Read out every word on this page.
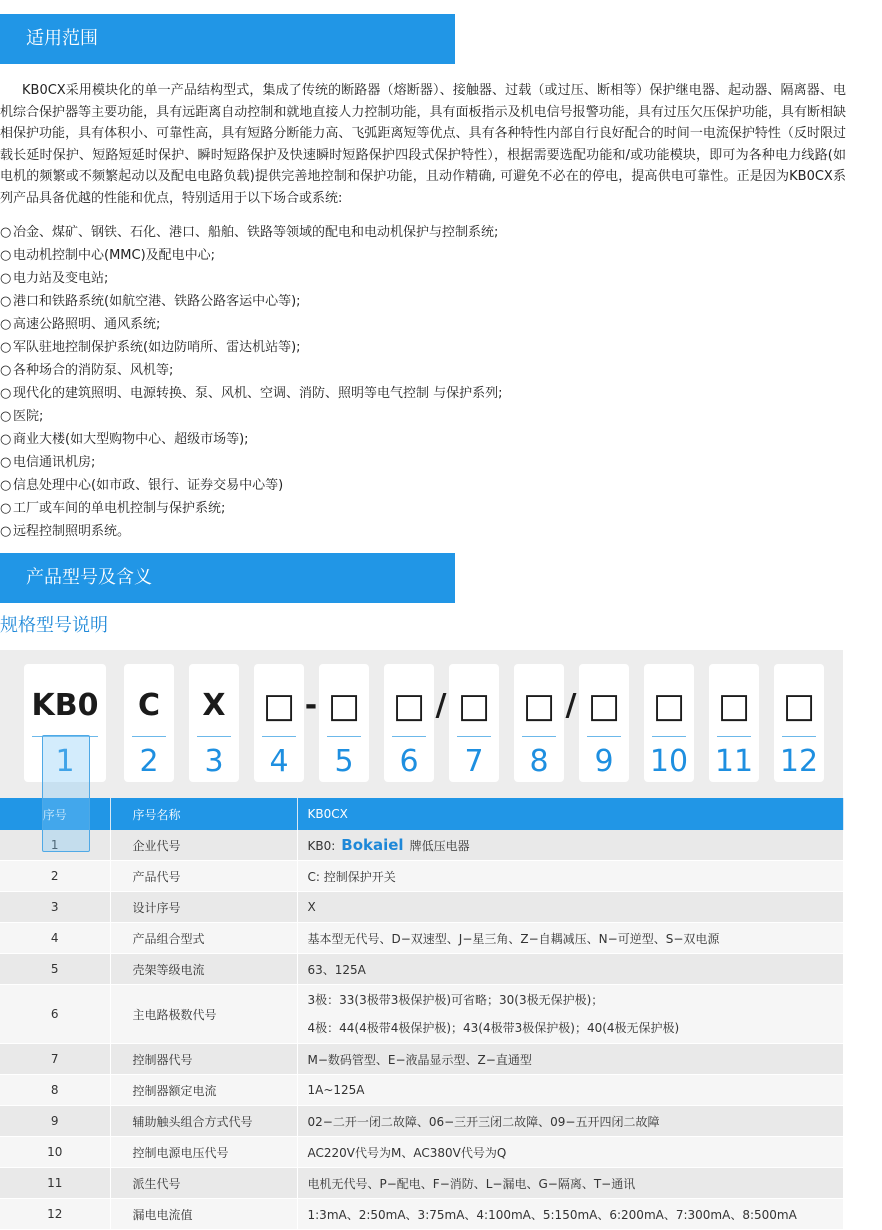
适用范围

KB0CX采用模块化的单一产品结构型式，集成了传统的断路器（熔断器）、接触器、过载（或过压、断相等）保护继电器、起动器、隔离器、电机综合保护器等主要功能，具有远距离自动控制和就地直接人力控制功能，具有面板指示及机电信号报警功能，具有过压欠压保护功能，具有断相缺相保护功能，具有体积小、可靠性高，具有短路分断能力高、飞弧距离短等优点、具有各种特性内部自行良好配合的时间一电流保护特性（反时限过载长延时保护、短路短延时保护、瞬时短路保护及快速瞬时短路保护四段式保护特性），根据需要选配功能和/或功能模块，即可为各种电力线路(如电机的频繁或不频繁起动以及配电电路负载)提供完善地控制和保护功能，且动作精确, 可避免不必在的停电，提高供电可靠性。正是因为KB0CX系列产品具备优越的性能和优点，特别适用于以下场合或系统:

○ 冶金、煤矿、钢铁、石化、港口、船舶、铁路等领域的配电和电动机保护与控制系统;
○ 电动机控制中心(MMC)及配电中心;
○ 电力站及变电站;
○ 港口和铁路系统(如航空港、铁路公路客运中心等);
○ 高速公路照明、通风系统;
○ 军队驻地控制保护系统(如边防哨所、雷达机站等);
○ 各种场合的消防泵、风机等;
○ 现代化的建筑照明、电源转换、泵、风机、空调、消防、照明等电气控制 与保护系列;
○ 医院;
○ 商业大楼(如大型购物中心、超级市场等);
○ 电信通讯机房;
○ 信息处理中心(如市政、银行、证券交易中心等)
○ 工厂或车间的单电机控制与保护系统;
○ 远程控制照明系统。
产品型号及含义
规格型号说明
KB0
1
C
2
X
3
□
4
- □
5
□
6
/ □
7
□
8
/ □
9
□
10
□
11
□
12
序号	序号名称	KB0CX
1	企业代号	KB0: Bokaiel 牌低压电器
2	产品代号	C: 控制保护开关
3	设计序号	X
4	产品组合型式	基本型无代号、D−双速型、J−星三角、Z−自耦减压、N−可逆型、S−双电源
5	壳架等级电流	63、125A
6	主电路极数代号	3极：33(3极带3极保护极)可省略；30(3极无保护极)；
4极：44(4极带4极保护极)；43(4极带3极保护极)；40(4极无保护极)

7	控制器代号	M−数码管型、E−液晶显示型、Z−直通型
8	控制器额定电流	1A~125A
9	辅助触头组合方式代号	02−二开一闭二故障、06−三开三闭二故障、09−五开四闭二故障
10	控制电源电压代号	AC220V代号为M、AC380V代号为Q
11	派生代号	电机无代号、P−配电、F−消防、L−漏电、G−隔离、T−通讯
12	漏电电流值	1:3mA、2:50mA、3:75mA、4:100mA、5:150mA、6:200mA、7:300mA、8:500mA
